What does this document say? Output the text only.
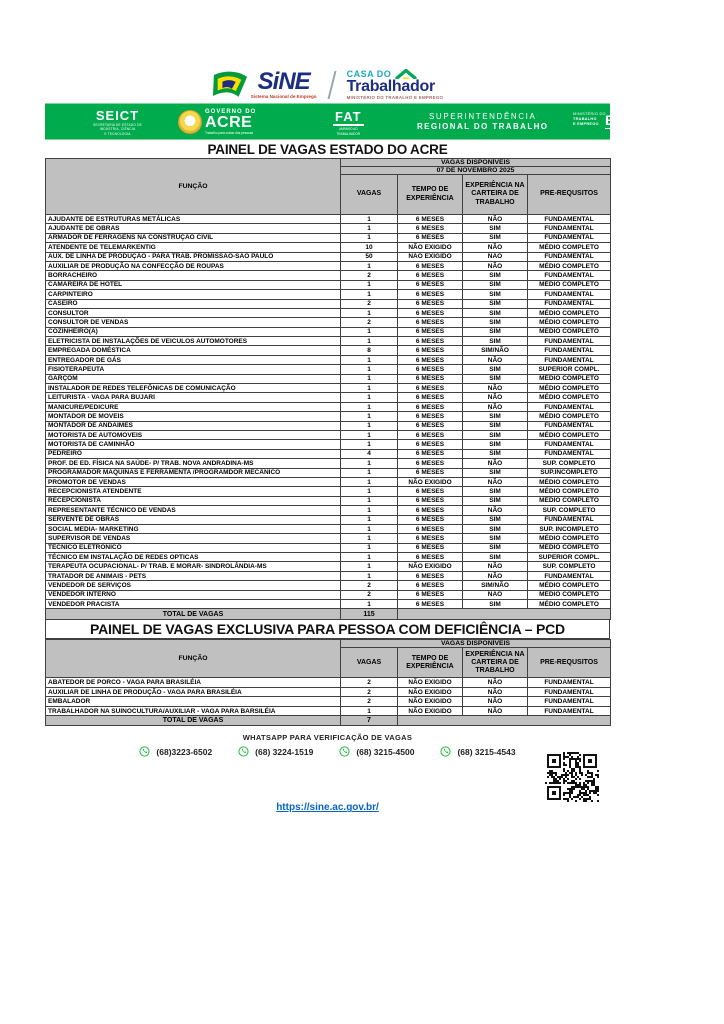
SiNE
Sistema Nacional de Emprego
CASA DO
Trabalhador
MINISTÉRIO DO TRABALHO E EMPREGO
SEICT
SECRETARIA DE ESTADO DE
INDÚSTRIA, CIÊNCIA
E TECNOLOGIA
GOVERNO DO
ACRE
Trabalho para cuidar das pessoas
FAT
AMPARO AO
TRABALHADOR
SUPERINTENDÊNCIA
REGIONAL DO TRABALHO
MINISTÉRIO DO
TRABALHO
E EMPREGO
GOVERNO FEDERAL
BRASIL
UNIÃO E RECONSTRUÇÃO
PAINEL DE VAGAS ESTADO DO ACRE
FUNÇÃO	VAGAS DISPONÍVEIS			
	07 DE NOVEMBRO 2025			
	VAGAS	TEMPO DE EXPERIÊNCIA	EXPERIÊNCIA NA CARTEIRA DE TRABALHO	PRE-REQUSITOS
AJUDANTE DE ESTRUTURAS METÁLICAS	1	6 MESES	NÃO	FUNDAMENTAL
AJUDANTE DE OBRAS	1	6 MESES	SIM	FUNDAMENTAL
ARMADOR DE FERRAGENS NA CONSTRUÇÃO CIVIL	1	6 MESES	SIM	FUNDAMENTAL
ATENDENTE DE TELEMARKENTIG	10	NÃO EXIGIDO	NÃO	MÉDIO COMPLETO
AUX. DE LINHA DE PRODUÇÃO - PARA TRAB. PROMISSÃO-SÃO PAULO	50	NÃO EXIGIDO	NÃO	FUNDAMENTAL
AUXILIAR DE PRODUÇÃO NA CONFECÇÃO DE ROUPAS	1	6 MESES	NÃO	MÉDIO COMPLETO
BORRACHEIRO	2	6 MESES	SIM	FUNDAMENTAL
CAMAREIRA DE HOTEL	1	6 MESES	SIM	MÉDIO COMPLETO
CARPINTEIRO	1	6 MESES	SIM	FUNDAMENTAL
CASEIRO	2	6 MESES	SIM	FUNDAMENTAL
CONSULTOR	1	6 MESES	SIM	MÉDIO COMPLETO
CONSULTOR DE VENDAS	2	6 MESES	SIM	MÉDIO COMPLETO
COZINHEIRO(A)	1	6 MESES	SIM	MÉDIO COMPLETO
ELETRICISTA DE INSTALAÇÕES DE VEICULOS AUTOMOTORES	1	6 MESES	SIM	FUNDAMENTAL
EMPREGADA DOMÉSTICA	8	6 MESES	SIM/NÃO	FUNDAMENTAL
ENTREGADOR DE GÁS	1	6 MESES	NÃO	FUNDAMENTAL
FISIOTERAPEUTA	1	6 MESES	SIM	SUPERIOR COMPL.
GARÇOM	1	6 MESES	SIM	MÉDIO COMPLETO
INSTALADOR DE REDES TELEFÔNICAS DE COMUNICAÇÃO	1	6 MESES	NÃO	MÉDIO COMPLETO
LEITURISTA - VAGA PARA BUJARI	1	6 MESES	NÃO	MÉDIO COMPLETO
MANICURE/PEDICURE	1	6 MESES	NÃO	FUNDAMENTAL
MONTADOR DE MOVEIS	1	6 MESES	SIM	MÉDIO COMPLETO
MONTADOR DE ANDAIMES	1	6 MESES	SIM	FUNDAMENTAL
MOTORISTA DE AUTOMOVEIS	1	6 MESES	SIM	MÉDIO COMPLETO
MOTORISTA DE CAMINHÃO	1	6 MESES	SIM	FUNDAMENTAL
PEDREIRO	4	6 MESES	SIM	FUNDAMENTAL
PROF. DE ED. FÍSICA NA SAÚDE- P/ TRAB. NOVA ANDRADINA-MS	1	6 MESES	NÃO	SUP. COMPLETO
PROGRAMADOR MAQUINAS E FERRAMENTA /PROGRAMDOR MECÂNICO	1	6 MESES	SIM	SUP.INCOMPLETO
PROMOTOR DE VENDAS	1	NÃO EXIGIDO	NÃO	MÉDIO COMPLETO
RECEPCIONISTA ATENDENTE	1	6 MESES	SIM	MÉDIO COMPLETO
RECEPCIONISTA	1	6 MESES	SIM	MÉDIO COMPLETO
REPRESENTANTE TÉCNICO DE VENDAS	1	6 MESES	NÃO	SUP. COMPLETO
SERVENTE DE OBRAS	1	6 MESES	SIM	FUNDAMENTAL
SOCIAL MEDIA- MARKETING	1	6 MESES	SIM	SUP. INCOMPLETO
SUPERVISOR DE VENDAS	1	6 MESES	SIM	MÉDIO COMPLETO
TECNICO ELETRÔNICO	1	6 MESES	SIM	MÉDIO COMPLETO
TÉCNICO EM INSTALAÇÃO DE REDES OPTICAS	1	6 MESES	SIM	SUPERIOR COMPL.
TERAPEUTA OCUPACIONAL- P/ TRAB. E MORAR- SINDROLÂNDIA-MS	1	NÃO EXIGIDO	NÃO	SUP. COMPLETO
TRATADOR DE ANIMAIS - PETS	1	6 MESES	NÃO	FUNDAMENTAL
VENDEDOR DE SERVIÇOS	2	6 MESES	SIM/NÃO	MÉDIO COMPLETO
VENDEDOR INTERNO	2	6 MESES	NÃO	MÉDIO COMPLETO
VENDEDOR PRACISTA	1	6 MESES	SIM	MÉDIO COMPLETO
TOTAL DE VAGAS	115			
PAINEL DE VAGAS EXCLUSIVA PARA PESSOA COM DEFICIÊNCIA – PCD
FUNÇÃO	VAGAS DISPONÍVEIS			
	VAGAS	TEMPO DE EXPERIÊNCIA	EXPERIÊNCIA NA CARTEIRA DE TRABALHO	PRE-REQUSITOS
ABATEDOR DE PORCO - VAGA PARA BRASILÉIA	2	NÃO EXIGIDO	NÃO	FUNDAMENTAL
AUXILIAR DE LINHA DE PRODUÇÃO - VAGA PARA BRASILÉIA	2	NÃO EXIGIDO	NÃO	FUNDAMENTAL
EMBALADOR	2	NÃO EXIGIDO	NÃO	FUNDAMENTAL
TRABALHADOR NA SUINOCULTURA/AUXILIAR - VAGA PARA BARSILÉIA	1	NÃO EXIGIDO	NÃO	FUNDAMENTAL
TOTAL DE VAGAS	7			
WHATSAPP PARA VERIFICAÇÃO DE VAGAS
(68)3223-6502	(68) 3224-1519	(68) 3215-4500	(68) 3215-4543
https://sine.ac.gov.br/
